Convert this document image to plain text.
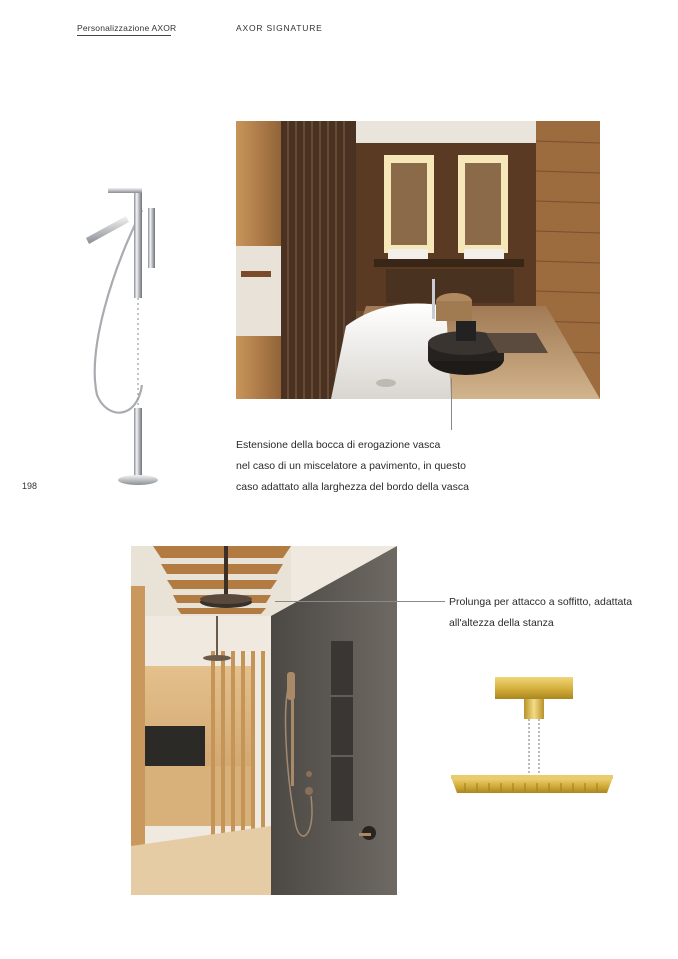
Personalizzazione AXOR	AXOR SIGNATURE
Estensione della bocca di erogazione vasca
nel caso di un miscelatore a pavimento, in questo
caso adattato alla larghezza del bordo della vasca
198
Prolunga per attacco a soffitto, adattata
all'altezza della stanza
